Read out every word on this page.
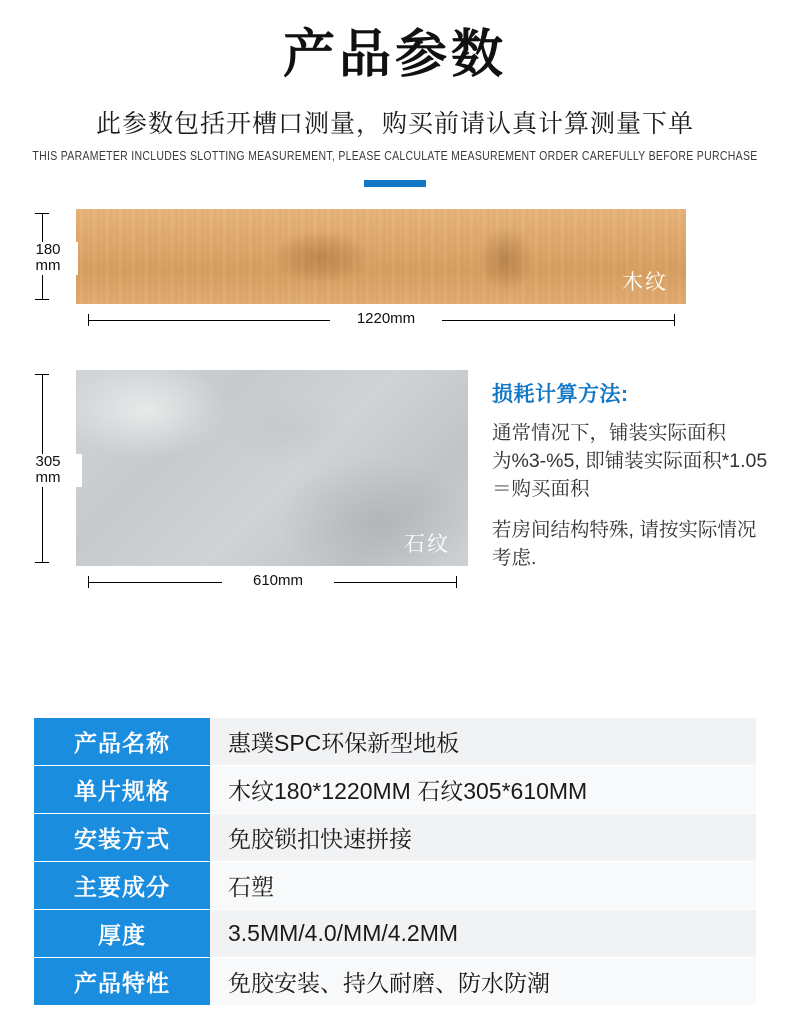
产品参数
此参数包括开槽口测量，购买前请认真计算测量下单
THIS PARAMETER INCLUDES SLOTTING MEASUREMENT, PLEASE CALCULATE MEASUREMENT ORDER CAREFULLY BEFORE PURCHASE
木纹
180
mm
1220mm
石纹
305
mm
610mm
损耗计算方法:
通常情况下，铺装实际面积为%3-%5, 即铺装实际面积*1.05＝购买面积
若房间结构特殊, 请按实际情况考虑.
产品名称	惠璞SPC环保新型地板
单片规格	木纹180*1220MM 石纹305*610MM
安装方式	免胶锁扣快速拼接
主要成分	石塑
厚度	3.5MM/4.0/MM/4.2MM
产品特性	免胶安装、持久耐磨、防水防潮
